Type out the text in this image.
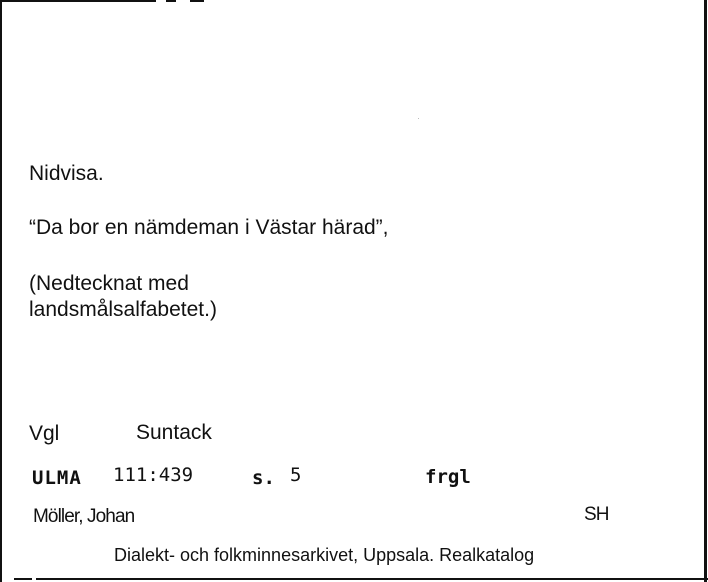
Nidvisa.
“Da bor en nämdeman i Västar härad”,
(Nedtecknat med
landsmålsalfabetet.)
Vgl	Suntack
ULMA 111:439	s. 5	frgl
Möller, Johan	SH
Dialekt- och folkminnesarkivet, Uppsala. Realkatalog
